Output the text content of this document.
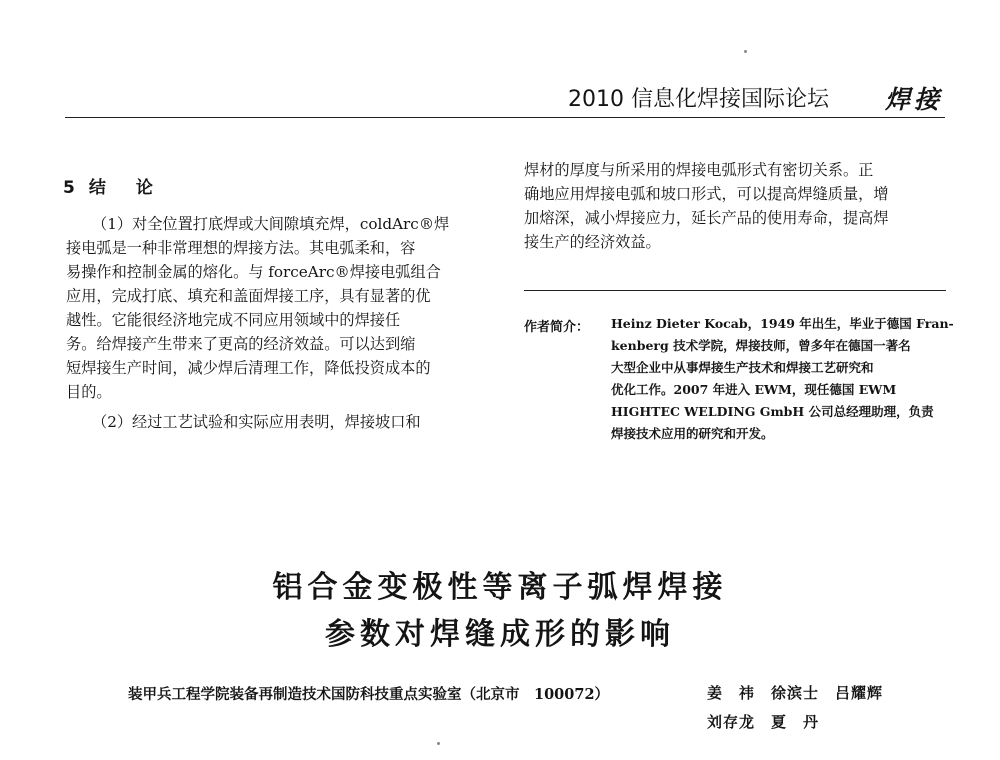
2010 信息化焊接国际论坛 焊接
5 结 论
（1）对全位置打底焊或大间隙填充焊，coldArc®焊
接电弧是一种非常理想的焊接方法。其电弧柔和，容
易操作和控制金属的熔化。与 forceArc®焊接电弧组合
应用，完成打底、填充和盖面焊接工序，具有显著的优
越性。它能很经济地完成不同应用领域中的焊接任
务。给焊接产生带来了更高的经济效益。可以达到缩
短焊接生产时间，减少焊后清理工作，降低投资成本的
目的。
（2）经过工艺试验和实际应用表明，焊接坡口和
焊材的厚度与所采用的焊接电弧形式有密切关系。正
确地应用焊接电弧和坡口形式，可以提高焊缝质量，增
加熔深，减小焊接应力，延长产品的使用寿命，提高焊
接生产的经济效益。
作者简介： Heinz Dieter Kocab，1949 年出生，毕业于德国 Fran-
kenberg 技术学院，焊接技师，曾多年在德国一著名
大型企业中从事焊接生产技术和焊接工艺研究和
优化工作。2007 年进入 EWM，现任德国 EWM
HIGHTEC WELDING GmbH 公司总经理助理，负责
焊接技术应用的研究和开发。
铝合金变极性等离子弧焊焊接
参数对焊缝成形的影响
装甲兵工程学院装备再制造技术国防科技重点实验室（北京市　100072）	姜　祎　徐滨士　吕耀辉
刘存龙　夏　丹
